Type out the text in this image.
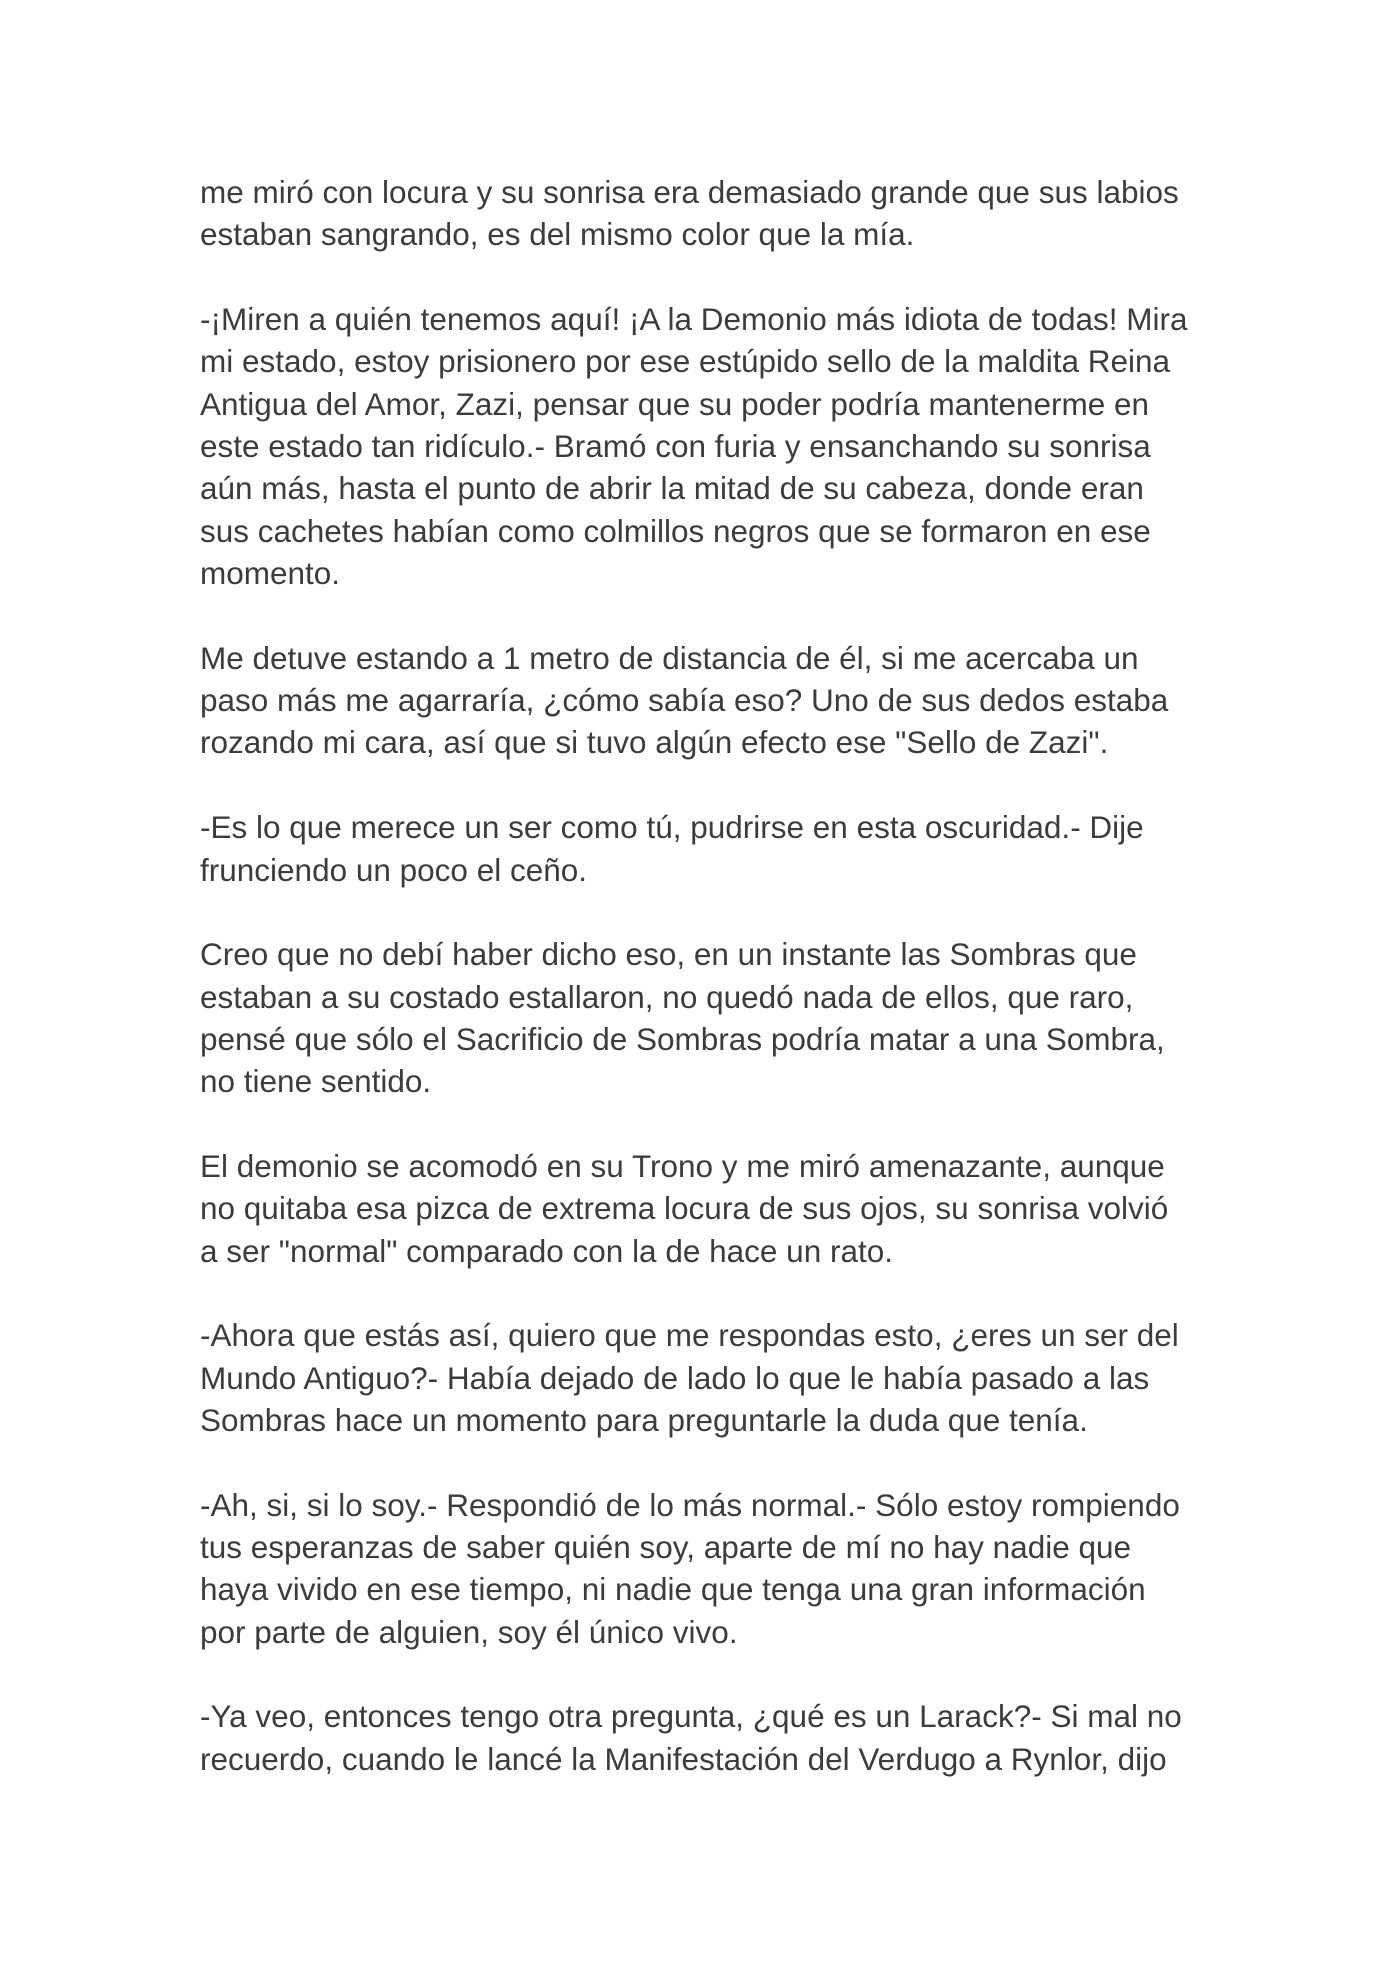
me miró con locura y su sonrisa era demasiado grande que sus labios
estaban sangrando, es del mismo color que la mía.
-¡Miren a quién tenemos aquí! ¡A la Demonio más idiota de todas! Mira
mi estado, estoy prisionero por ese estúpido sello de la maldita Reina
Antigua del Amor, Zazi, pensar que su poder podría mantenerme en
este estado tan ridículo.- Bramó con furia y ensanchando su sonrisa
aún más, hasta el punto de abrir la mitad de su cabeza, donde eran
sus cachetes habían como colmillos negros que se formaron en ese
momento.
Me detuve estando a 1 metro de distancia de él, si me acercaba un
paso más me agarraría, ¿cómo sabía eso? Uno de sus dedos estaba
rozando mi cara, así que si tuvo algún efecto ese "Sello de Zazi".
-Es lo que merece un ser como tú, pudrirse en esta oscuridad.- Dije
frunciendo un poco el ceño.
Creo que no debí haber dicho eso, en un instante las Sombras que
estaban a su costado estallaron, no quedó nada de ellos, que raro,
pensé que sólo el Sacrificio de Sombras podría matar a una Sombra,
no tiene sentido.
El demonio se acomodó en su Trono y me miró amenazante, aunque
no quitaba esa pizca de extrema locura de sus ojos, su sonrisa volvió
a ser "normal" comparado con la de hace un rato.
-Ahora que estás así, quiero que me respondas esto, ¿eres un ser del
Mundo Antiguo?- Había dejado de lado lo que le había pasado a las
Sombras hace un momento para preguntarle la duda que tenía.
-Ah, si, si lo soy.- Respondió de lo más normal.- Sólo estoy rompiendo
tus esperanzas de saber quién soy, aparte de mí no hay nadie que
haya vivido en ese tiempo, ni nadie que tenga una gran información
por parte de alguien, soy él único vivo.
-Ya veo, entonces tengo otra pregunta, ¿qué es un Larack?- Si mal no
recuerdo, cuando le lancé la Manifestación del Verdugo a Rynlor, dijo
